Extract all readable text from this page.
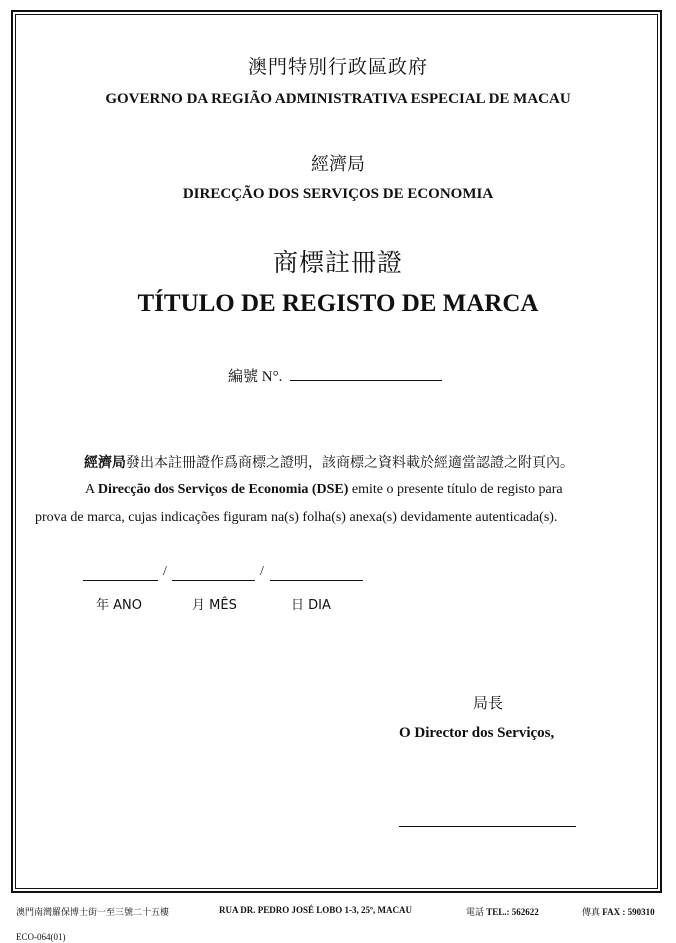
澳門特別行政區政府
GOVERNO DA REGIÃO ADMINISTRATIVA ESPECIAL DE MACAU
經濟局
DIRECÇÃO DOS SERVIÇOS DE ECONOMIA
商標註冊證
TÍTULO DE REGISTO DE MARCA
編號 N°.
經濟局發出本註冊證作爲商標之證明，該商標之資料載於經適當認證之附頁內。
A Direcção dos Serviços de Economia (DSE) emite o presente título de registo para
prova de marca, cujas indicações figuram na(s) folha(s) anexa(s) devidamente autenticada(s).
/	/
年 ANO	月 MÊS	日 DIA
局長
O Director dos Serviços,
澳門南灣羅保博士街一至三號二十五樓	RUA DR. PEDRO JOSÉ LOBO 1-3, 25º, MACAU	電話 TEL.: 562622	傳真 FAX : 590310
ECO-064(01)
